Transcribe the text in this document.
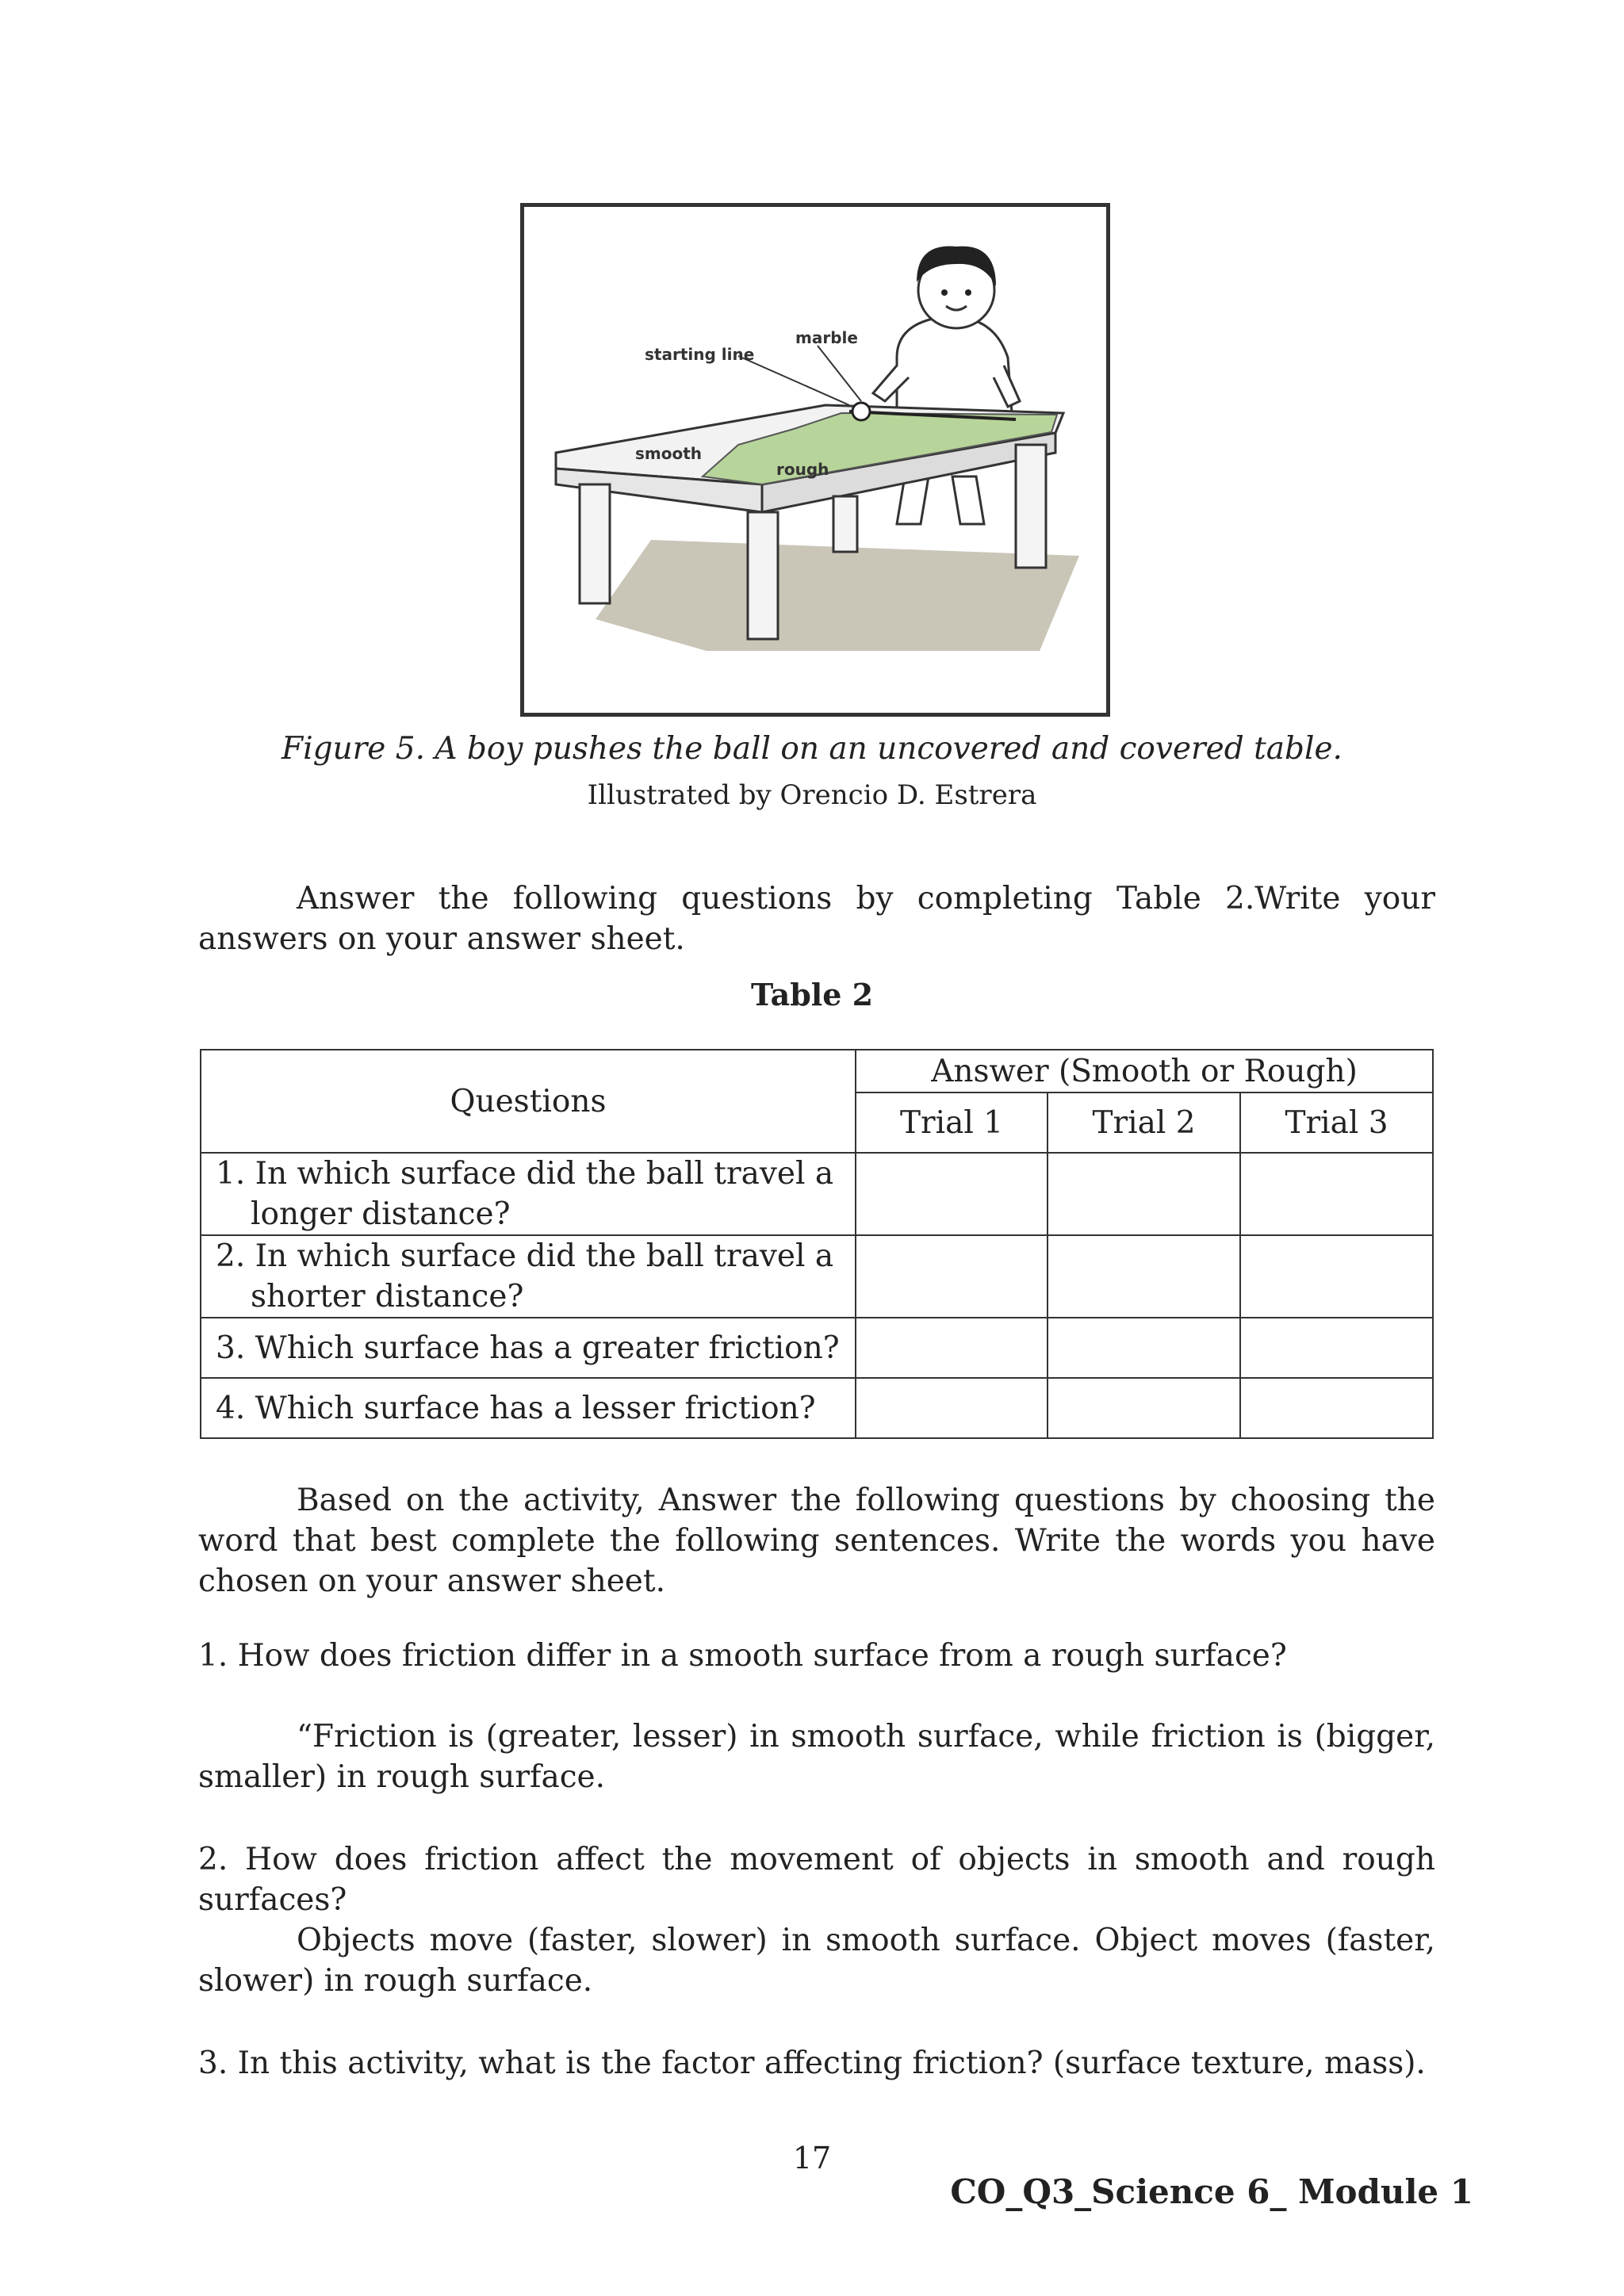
starting line
marble
smooth
rough
Figure 5. A boy pushes the ball on an uncovered and covered table.
Illustrated by Orencio D. Estrera
Answer the following questions by completing Table 2.Write your answers on your answer sheet.
Table 2
Questions	Answer (Smooth or Rough)		
	Trial 1	Trial 2	Trial 3

1. In which surface did the ball travel a longer distance?			

2. In which surface did the ball travel a shorter distance?			

3. Which surface has a greater friction?			

4. Which surface has a lesser friction?			

Based on the activity, Answer the following questions by choosing the word that best complete the following sentences. Write the words you have chosen on your answer sheet.
1. How does friction differ in a smooth surface from a rough surface?
“Friction is (greater, lesser) in smooth surface, while friction is (bigger, smaller) in rough surface.
2. How does friction affect the movement of objects in smooth and rough surfaces?
Objects move (faster, slower) in smooth surface. Object moves (faster, slower) in rough surface.
3. In this activity, what is the factor affecting friction? (surface texture, mass).
17
CO_Q3_Science 6_ Module 1
